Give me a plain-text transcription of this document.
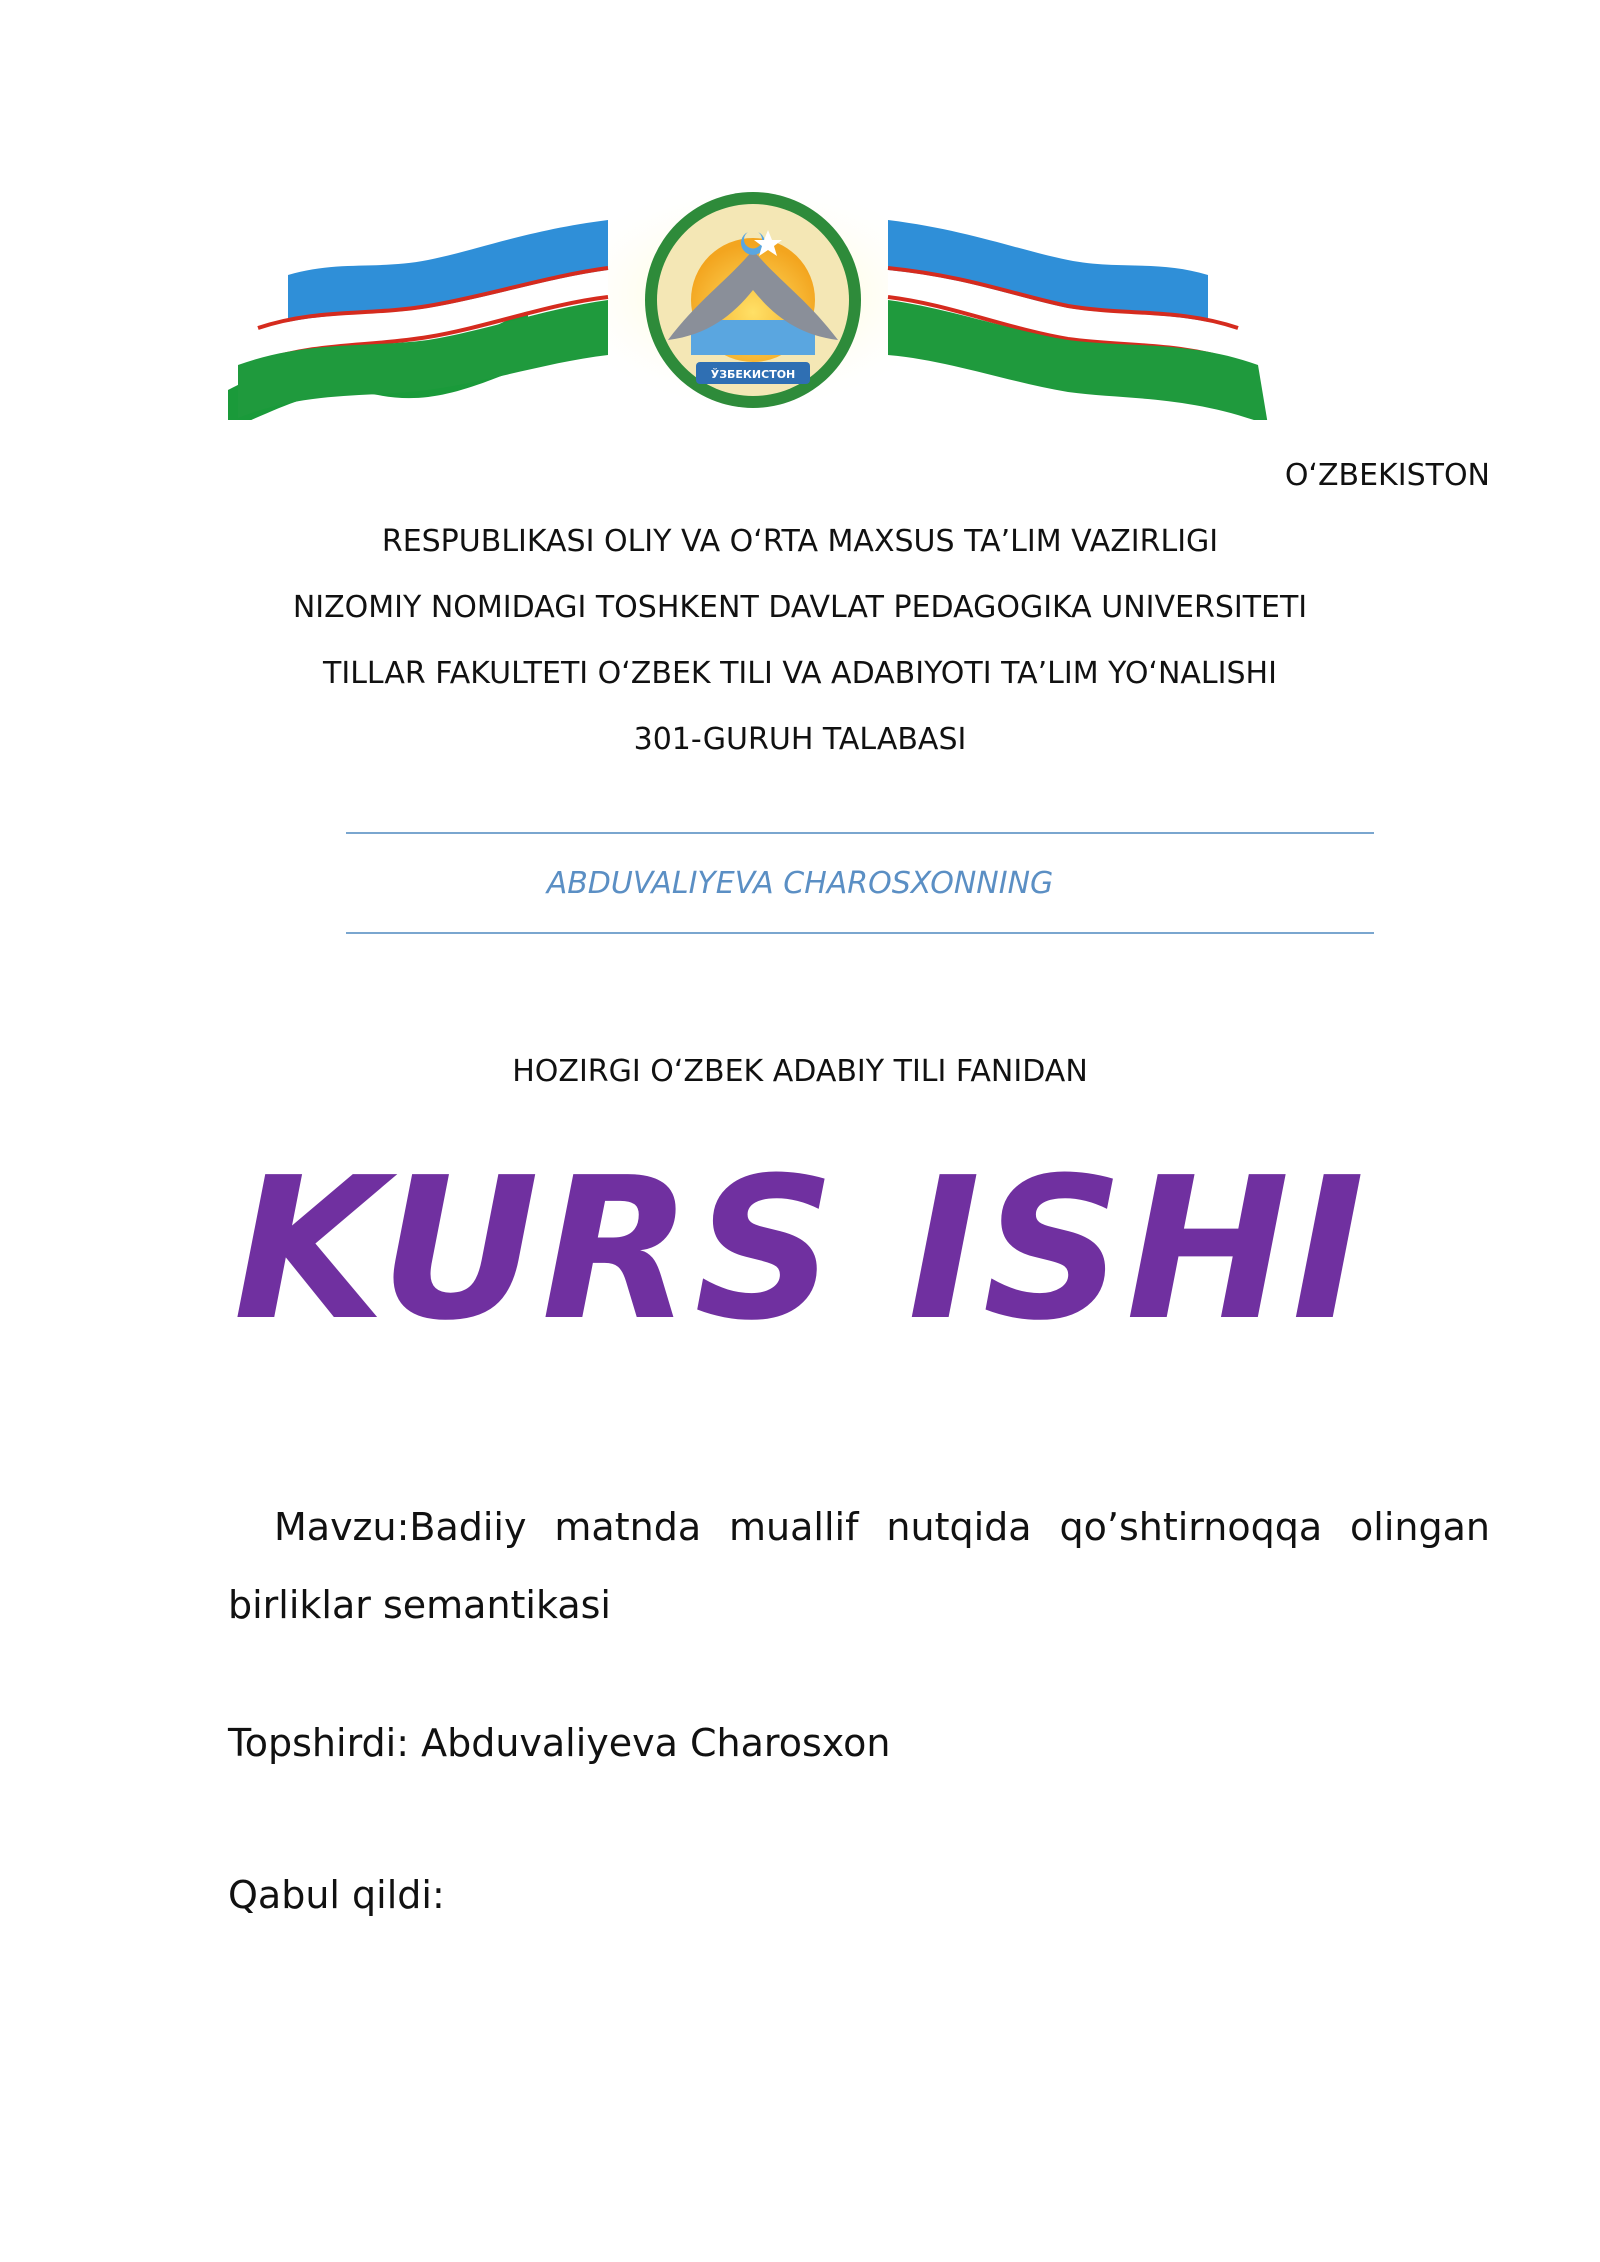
ЎЗБЕКИСТОН
O‘ZBEKISTON
RESPUBLIKASI OLIY VA O‘RTA MAXSUS TA’LIM VAZIRLIGI
NIZOMIY NOMIDAGI TOSHKENT DAVLAT PEDAGOGIKA UNIVERSITETI
TILLAR FAKULTETI O‘ZBEK TILI VA ADABIYOTI TA’LIM YO‘NALISHI
301-GURUH TALABASI
ABDUVALIYEVA CHAROSXONNING
HOZIRGI O‘ZBEK ADABIY TILI FANIDAN
KURS ISHI
Mavzu:Badiiy matnda muallif nutqida qo’shtirnoqqa olingan birliklar semantikasi
Topshirdi: Abduvaliyeva Charosxon
Qabul qildi:
